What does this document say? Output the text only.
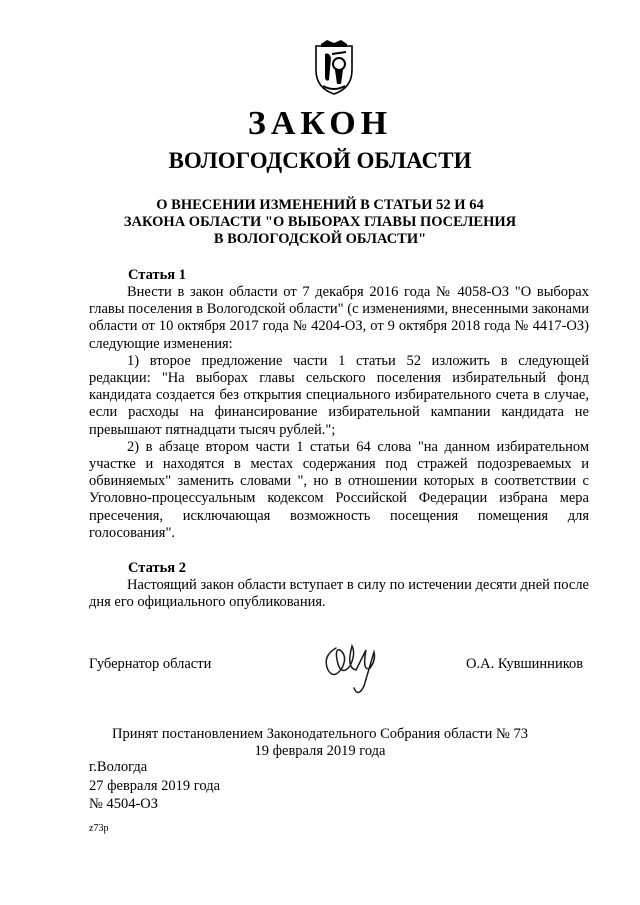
ЗАКОН
ВОЛОГОДСКОЙ ОБЛАСТИ
О ВНЕСЕНИИ ИЗМЕНЕНИЙ В СТАТЬИ 52 И 64
ЗАКОНА ОБЛАСТИ "О ВЫБОРАХ ГЛАВЫ ПОСЕЛЕНИЯ
В ВОЛОГОДСКОЙ ОБЛАСТИ"
Статья 1

Внести в закон области от 7 декабря 2016 года № 4058-ОЗ "О выборах главы поселения в Вологодской области" (с изменениями, внесенными законами области от 10 октября 2017 года № 4204-ОЗ, от 9 октября 2018 года № 4417-ОЗ) следующие изменения:

1) второе предложение части 1 статьи 52 изложить в следующей редакции: "На выборах главы сельского поселения избирательный фонд кандидата создается без открытия специального избирательного счета в случае, если расходы на финансирование избирательной кампании кандидата не превышают пятнадцати тысяч рублей.";

2) в абзаце втором части 1 статьи 64 слова "на данном избирательном участке и находятся в местах содержания под стражей подозреваемых и обвиняемых" заменить словами ", но в отношении которых в соответствии с Уголовно-процессуальным кодексом Российской Федерации избрана мера пресечения, исключающая возможность посещения помещения для голосования".

Статья 2

Настоящий закон области вступает в силу по истечении десяти дней после дня его официального опубликования.

Губернатор области	О.А. Кувшинников
Принят постановлением Законодательного Собрания области № 73
19 февраля 2019 года
г.Вологда
27 февраля 2019 года
№ 4504-ОЗ
z73p
